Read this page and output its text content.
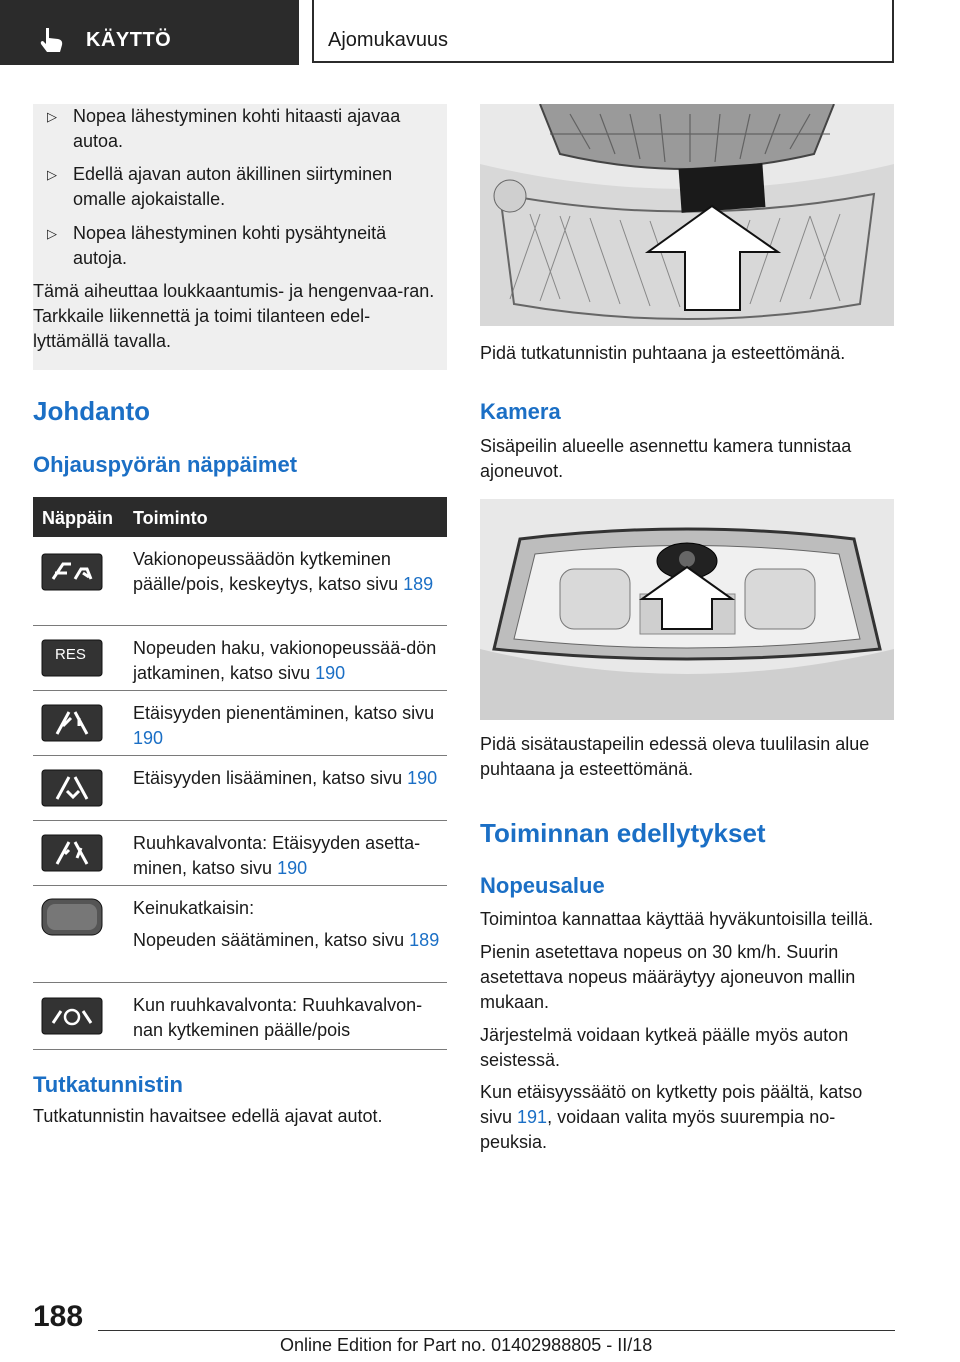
KÄYTTÖ	Ajomukavuus
▷ Nopea lähestyminen kohti hitaasti ajavaa autoa.
▷ Edellä ajavan auton äkillinen siirtyminen omalle ajokaistalle.
▷ Nopea lähestyminen kohti pysähtyneitä autoja.
Tämä aiheuttaa loukkaantumis- ja hengenvaa-ran. Tarkkaile liikennettä ja toimi tilanteen edel-lyttämällä tavalla.
Johdanto
Ohjauspyörän näppäimet
Näppäin Toiminto
Vakionopeussäädön kytkeminen päälle/pois, keskeytys, katso sivu 189
RES	Nopeuden haku, vakionopeussää-dön jatkaminen, katso sivu 190
Etäisyyden pienentäminen, katso sivu 190
Etäisyyden lisääminen, katso sivu 190
Ruuhkavalvonta: Etäisyyden asetta-minen, katso sivu 190

Keinukatkaisin:

Nopeuden säätäminen, katso sivu 189

Kun ruuhkavalvonta: Ruuhkavalvon-nan kytkeminen päälle/pois
Tutkatunnistin
Tutkatunnistin havaitsee edellä ajavat autot.
Pidä tutkatunnistin puhtaana ja esteettömänä.
Kamera
Sisäpeilin alueelle asennettu kamera tunnistaa ajoneuvot.
Pidä sisätaustapeilin edessä oleva tuulilasin alue puhtaana ja esteettömänä.
Toiminnan edellytykset
Nopeusalue
Toimintoa kannattaa käyttää hyväkuntoisilla teillä.
Pienin asetettava nopeus on 30 km/h. Suurin asetettava nopeus määräytyy ajoneuvon mallin mukaan.
Järjestelmä voidaan kytkeä päälle myös auton seistessä.
Kun etäisyyssäätö on kytketty pois päältä, katso sivu 191, voidaan valita myös suurempia no-peuksia.
188
Online Edition for Part no. 01402988805 - II/18
